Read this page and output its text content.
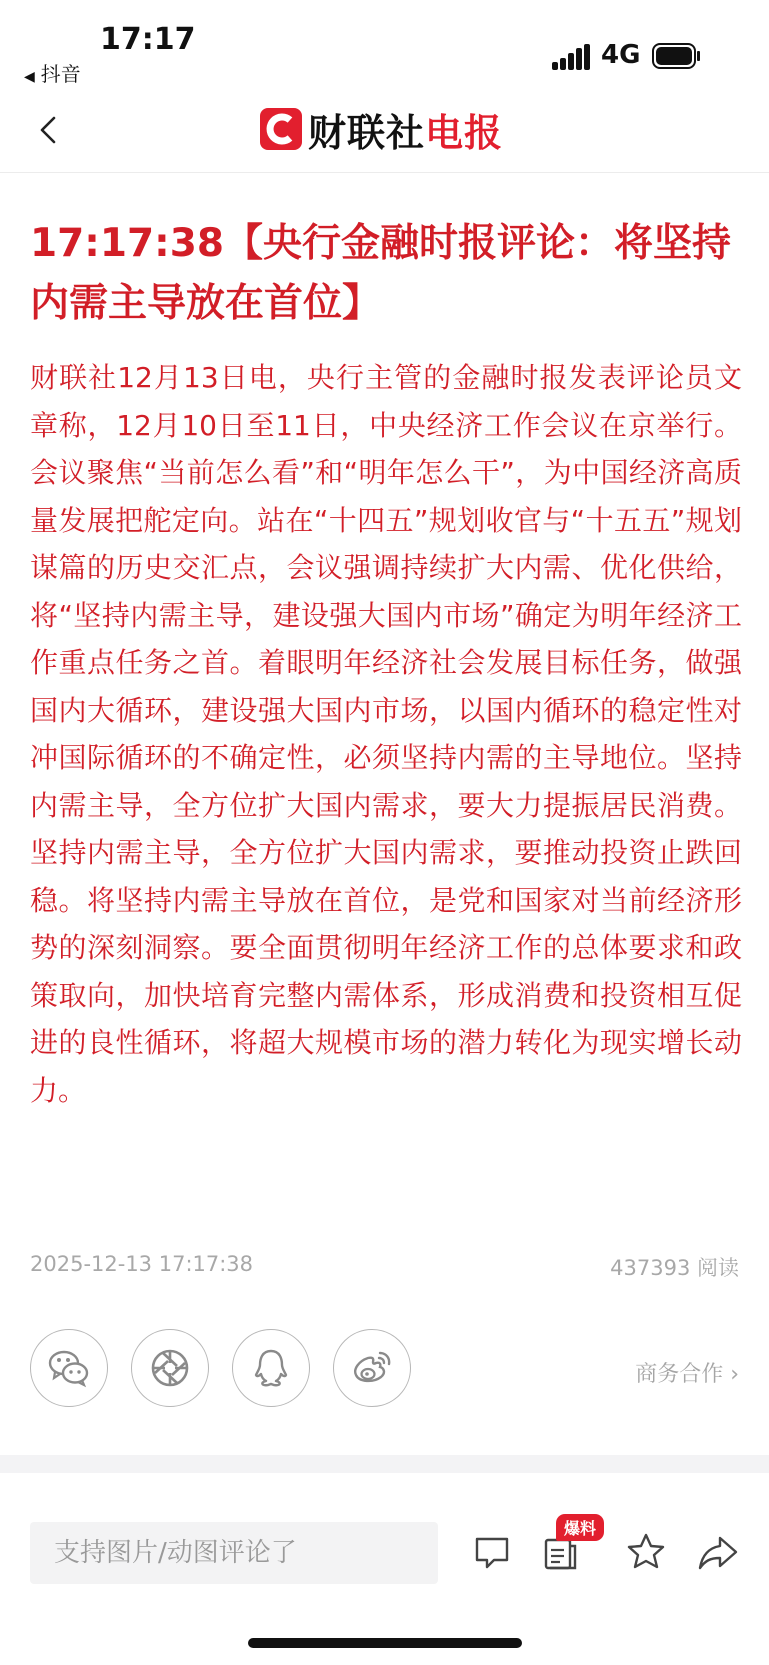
17:17
◀ 抖音
4G
财联社 电报
17:17:38【央行金融时报评论：将坚持内需主导放在首位】
财联社12月13日电，央行主管的金融时报发表评论员文章称，12月10日至11日，中央经济工作会议在京举行。会议聚焦“当前怎么看”和“明年怎么干”，为中国经济高质量发展把舵定向。站在“十四五”规划收官与“十五五”规划谋篇的历史交汇点，会议强调持续扩大内需、优化供给，将“坚持内需主导，建设强大国内市场”确定为明年经济工作重点任务之首。着眼明年经济社会发展目标任务，做强国内大循环，建设强大国内市场，以国内循环的稳定性对冲国际循环的不确定性，必须坚持内需的主导地位。坚持内需主导，全方位扩大国内需求，要大力提振居民消费。坚持内需主导，全方位扩大国内需求，要推动投资止跌回稳。将坚持内需主导放在首位，是党和国家对当前经济形势的深刻洞察。要全面贯彻明年经济工作的总体要求和政策取向，加快培育完整内需体系，形成消费和投资相互促进的良性循环，将超大规模市场的潜力转化为现实增长动力。
2025-12-13 17:17:38	437393 阅读
商务合作 ›
支持图片/动图评论了
爆料
